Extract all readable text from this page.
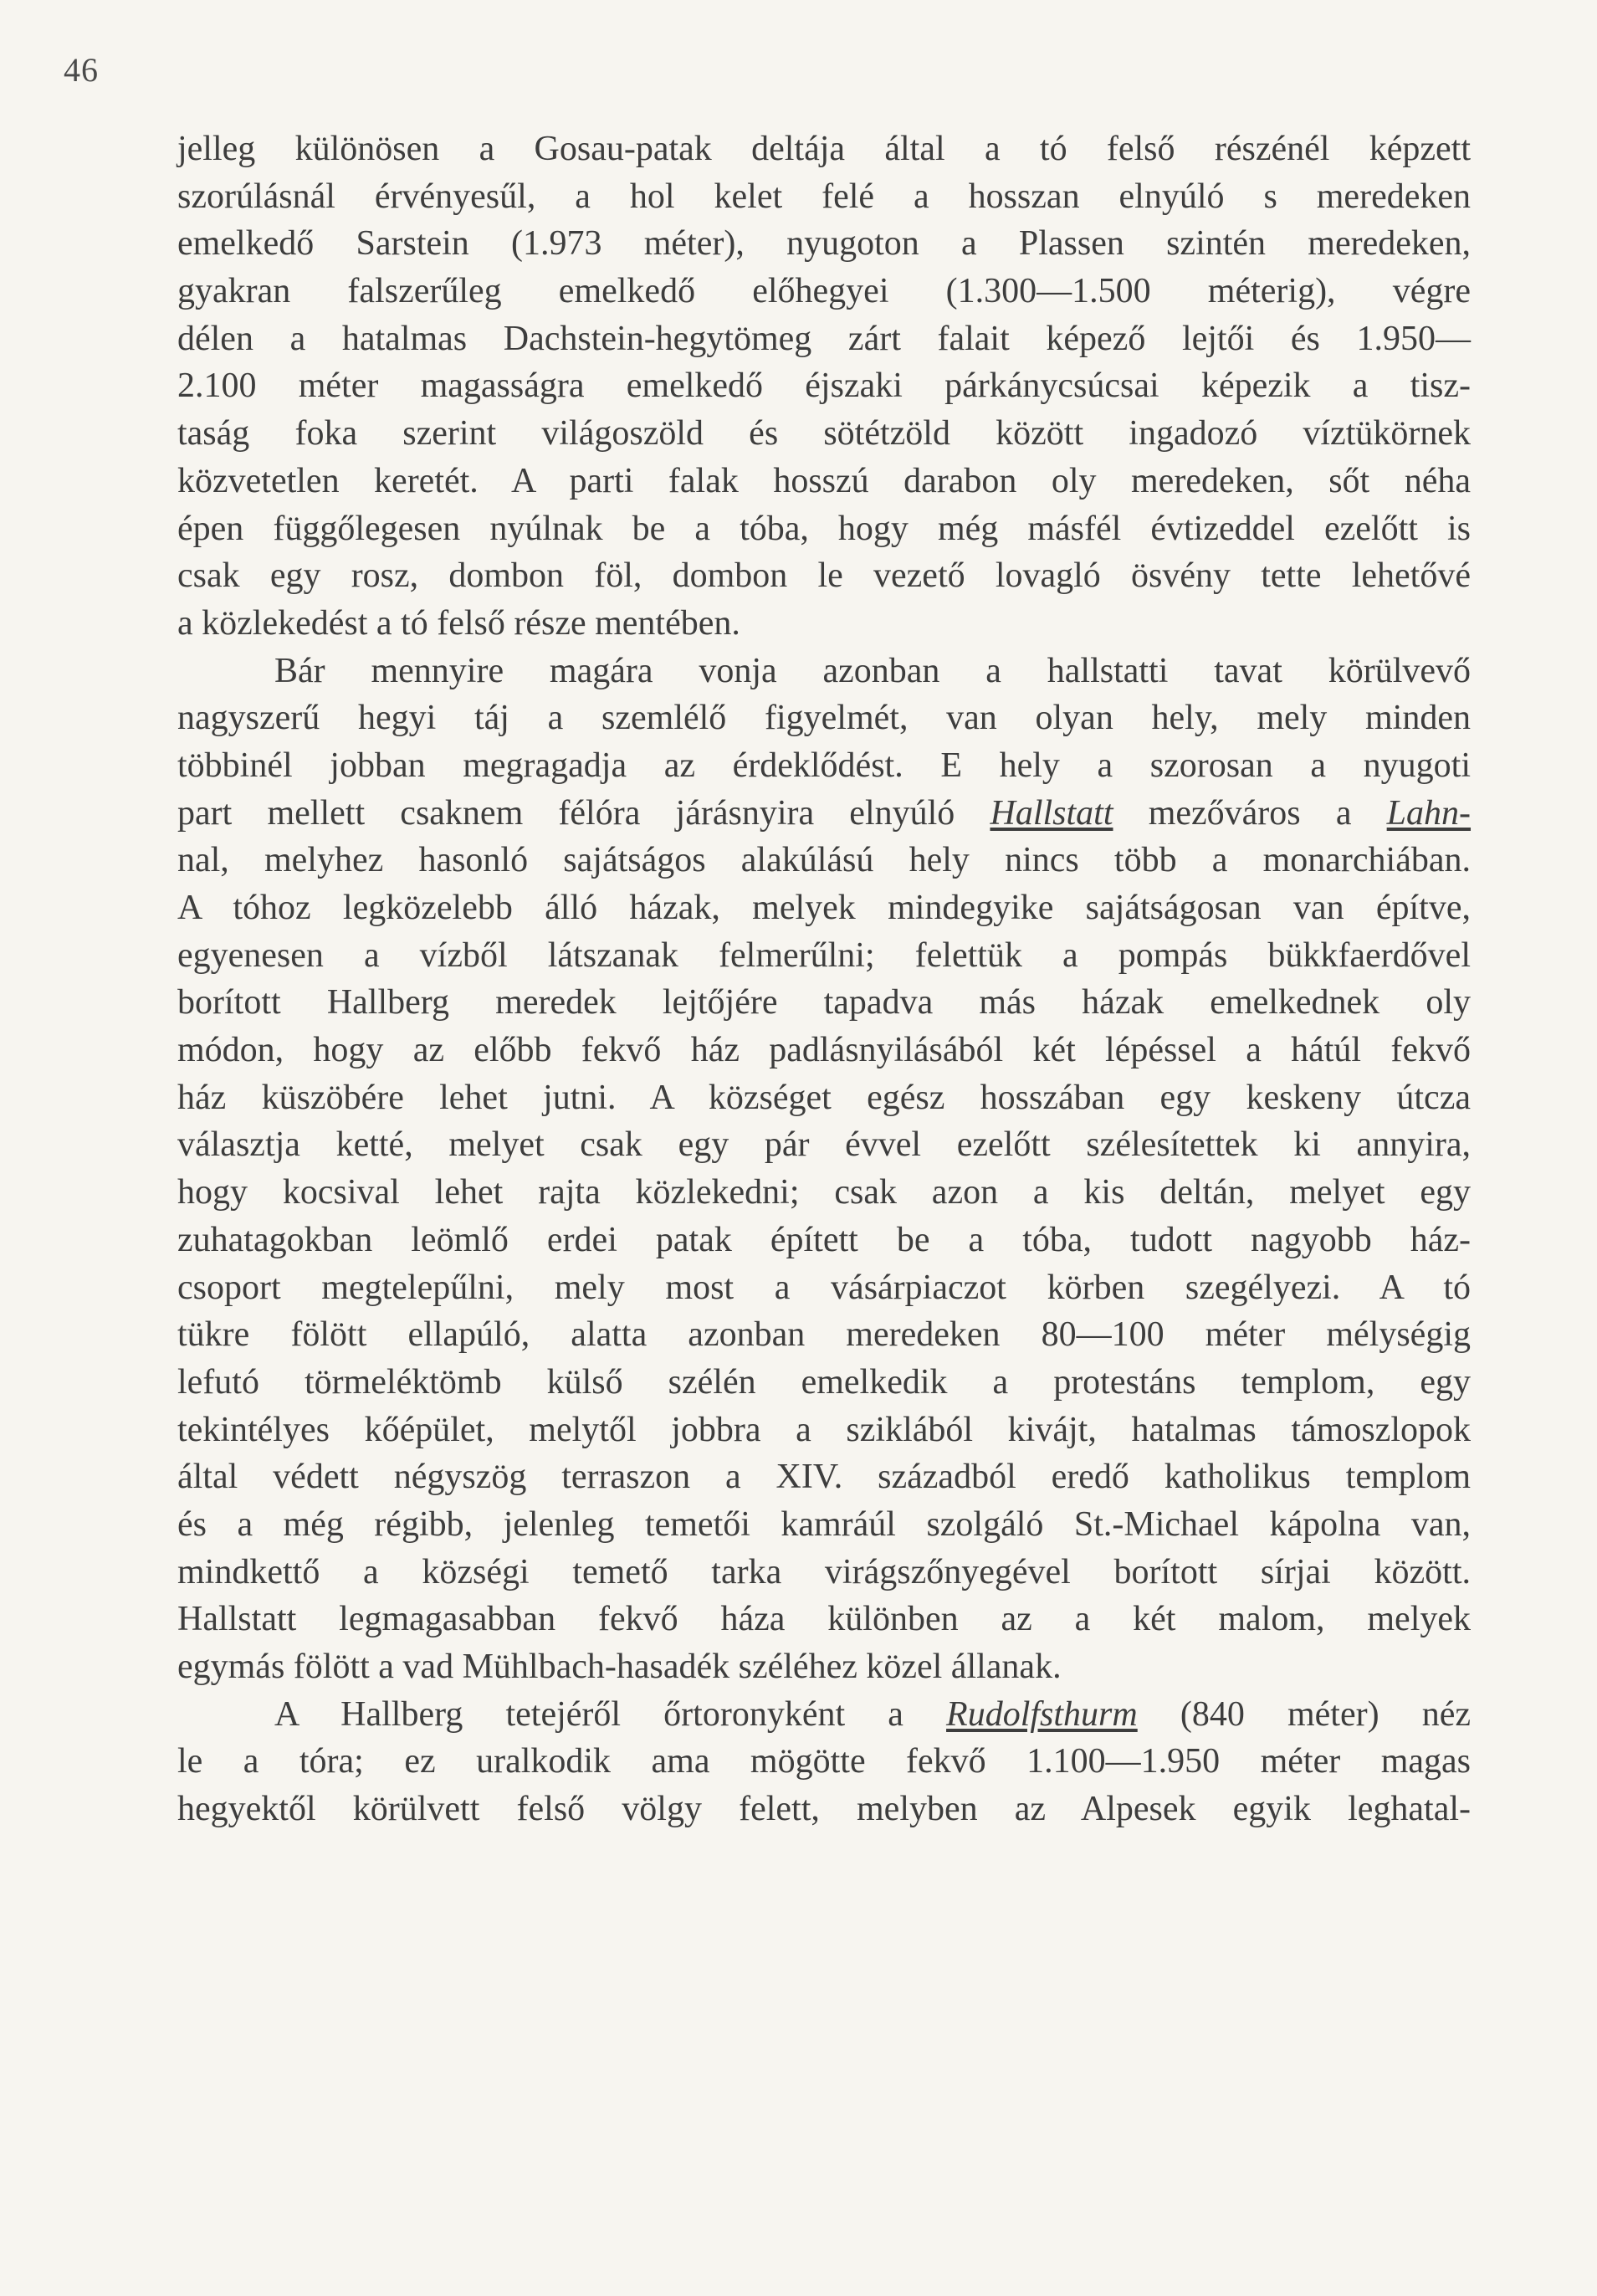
46
jelleg különösen a Gosau-patak deltája által a tó felső részénél képzett
szorúlásnál érvényesűl, a hol kelet felé a hosszan elnyúló s meredeken
emelkedő Sarstein (1.973 méter), nyugoton a Plassen szintén meredeken,
gyakran falszerűleg emelkedő előhegyei (1.300—1.500 méterig), végre
délen a hatalmas Dachstein-hegytömeg zárt falait képező lejtői és 1.950—
2.100 méter magasságra emelkedő éjszaki párkánycsúcsai képezik a tisz-
taság foka szerint világoszöld és sötétzöld között ingadozó víztükörnek
közvetetlen keretét. A parti falak hosszú darabon oly meredeken, sőt néha
épen függőlegesen nyúlnak be a tóba, hogy még másfél évtizeddel ezelőtt is
csak egy rosz, dombon föl, dombon le vezető lovagló ösvény tette lehetővé
a közlekedést a tó felső része mentében.
Bár mennyire magára vonja azonban a hallstatti tavat körülvevő
nagyszerű hegyi táj a szemlélő figyelmét, van olyan hely, mely minden
többinél jobban megragadja az érdeklődést. E hely a szorosan a nyugoti
part mellett csaknem félóra járásnyira elnyúló Hallstatt mezőváros a Lahn-
nal, melyhez hasonló sajátságos alakúlású hely nincs több a monarchiában.
A tóhoz legközelebb álló házak, melyek mindegyike sajátságosan van építve,
egyenesen a vízből látszanak felmerűlni; felettük a pompás bükkfaerdővel
borított Hallberg meredek lejtőjére tapadva más házak emelkednek oly
módon, hogy az előbb fekvő ház padlásnyilásából két lépéssel a hátúl fekvő
ház küszöbére lehet jutni. A községet egész hosszában egy keskeny útcza
választja ketté, melyet csak egy pár évvel ezelőtt szélesítettek ki annyira,
hogy kocsival lehet rajta közlekedni; csak azon a kis deltán, melyet egy
zuhatagokban leömlő erdei patak épített be a tóba, tudott nagyobb ház-
csoport megtelepűlni, mely most a vásárpiaczot körben szegélyezi. A tó
tükre fölött ellapúló, alatta azonban meredeken 80—100 méter mélységig
lefutó törmeléktömb külső szélén emelkedik a protestáns templom, egy
tekintélyes kőépület, melytől jobbra a sziklából kivájt, hatalmas támoszlopok
által védett négyszög terraszon a XIV. századból eredő katholikus templom
és a még régibb, jelenleg temetői kamráúl szolgáló St.-Michael kápolna van,
mindkettő a községi temető tarka virágszőnyegével borított sírjai között.
Hallstatt legmagasabban fekvő háza különben az a két malom, melyek
egymás fölött a vad Mühlbach-hasadék széléhez közel állanak.
A Hallberg tetejéről őrtoronyként a Rudolfsthurm (840 méter) néz
le a tóra; ez uralkodik ama mögötte fekvő 1.100—1.950 méter magas
hegyektől körülvett felső völgy felett, melyben az Alpesek egyik leghatal-
